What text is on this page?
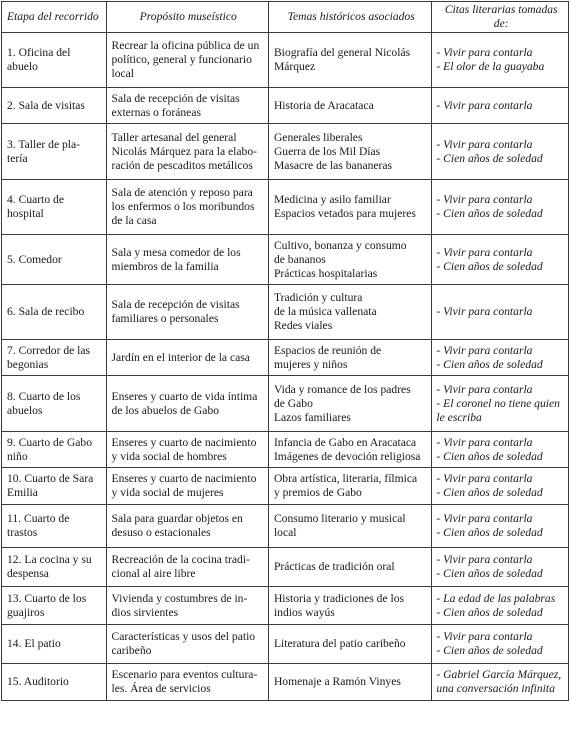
Etapa del recorrido	Propósito museístico	Temas históricos asociados	Citas literarias tomadas de:

1. Oficina del
abuelo	Recrear la oficina pública de un
político, general y funcionario
local	Biografía del general Nicolás
Márquez	- Vivir para contarla
- El olor de la guayaba

2. Sala de visitas	Sala de recepción de visitas
externas o foráneas	Historia de Aracataca	- Vivir para contarla

3. Taller de pla-
tería	Taller artesanal del general
Nicolás Márquez para la elabo-
ración de pescaditos metálicos	Generales liberales
Guerra de los Mil Días
Masacre de las bananeras	- Vivir para contarla
- Cien años de soledad

4. Cuarto de
hospital	Sala de atención y reposo para
los enfermos o los moribundos
de la casa	Medicina y asilo familiar
Espacios vetados para mujeres	- Vivir para contarla
- Cien años de soledad

5. Comedor	Sala y mesa comedor de los
miembros de la familia	Cultivo, bonanza y consumo
de bananos
Prácticas hospitalarias	- Vivir para contarla
- Cien años de soledad

6. Sala de recibo	Sala de recepción de visitas
familiares o personales	Tradición y cultura
de la música vallenata
Redes viales	- Vivir para contarla

7. Corredor de las
begonias	Jardín en el interior de la casa	Espacios de reunión de
mujeres y niños	- Vivir para contarla
- Cien años de soledad

8. Cuarto de los
abuelos	Enseres y cuarto de vida íntima
de los abuelos de Gabo	Vida y romance de los padres
de Gabo
Lazos familiares	- Vivir para contarla
- El coronel no tiene quien
le escriba

9. Cuarto de Gabo
niño	Enseres y cuarto de nacimiento
y vida social de hombres	Infancia de Gabo en Aracataca
Imágenes de devoción religiosa	- Vivir para contarla
- Cien años de soledad

10. Cuarto de Sara
Emilia	Enseres y cuarto de nacimiento
y vida social de mujeres	Obra artística, literaria, fílmica
y premios de Gabo	- Vivir para contarla
- Cien años de soledad

11. Cuarto de
trastos	Sala para guardar objetos en
desuso o estacionales	Consumo literario y musical
local	- Vivir para contarla
- Cien años de soledad

12. La cocina y su
despensa	Recreación de la cocina tradi-
cional al aire libre	Prácticas de tradición oral	- Vivir para contarla
- Cien años de soledad

13. Cuarto de los
guajiros	Vivienda y costumbres de in-
dios sirvientes	Historia y tradiciones de los
indios wayús	- La edad de las palabras
- Cien años de soledad

14. El patio	Características y usos del patio
caribeño	Literatura del patio caribeño	- Vivir para contarla
- Cien años de soledad

15. Auditorio	Escenario para eventos cultura-
les. Área de servicios	Homenaje a Ramón Vinyes	- Gabriel García Márquez,
una conversación infinita
